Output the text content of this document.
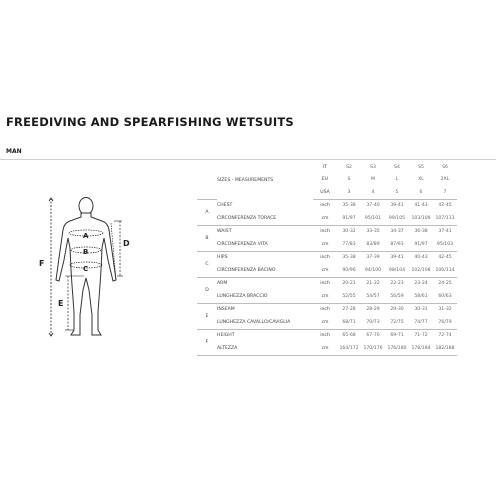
FREEDIVING AND SPEARFISHING WETSUITS
MAN
F
A
B
C
D
E
	SIZES - MEASUREMENTS	IT	S2	S3	S4	S5	S6
		EU	S	M	L	XL	2XL
		USA	3	4	5	6	7
A	CHEST	inch	35-38	37-40	39-41	41-43	42-45
	CIRCONFERENZA TORACE	cm	91/97	95/101	99/105	103/109	107/113
B	WAIST	inch	30-32	33-35	34-37	36-38	37-41
	CIRCONFERENZA VITA	cm	77/83	83/89	87/93	91/97	95/103
C	HIPS	inch	35-38	37-39	39-41	40-43	42-45
	CIRCONFERENZA BACINO	cm	90/96	94/100	98/104	102/108	106/114
D	ARM	inch	20-21	21-22	22-23	23-24	24-25
	LUNGHEZZA BRACCIO	cm	52/55	54/57	56/59	58/61	60/63
E	INSEAM	inch	27-28	28-29	29-30	30-31	31-32
	LUNGHEZZA CAVALLO/CAVIGLIA	cm	68/71	70/73	72/75	74/77	76/79
F	HEIGHT	inch	65-68	67-70	69-71	71-72	72-74
	ALTEZZA	cm	164/172	170/176	176/180	178/184	182/188
